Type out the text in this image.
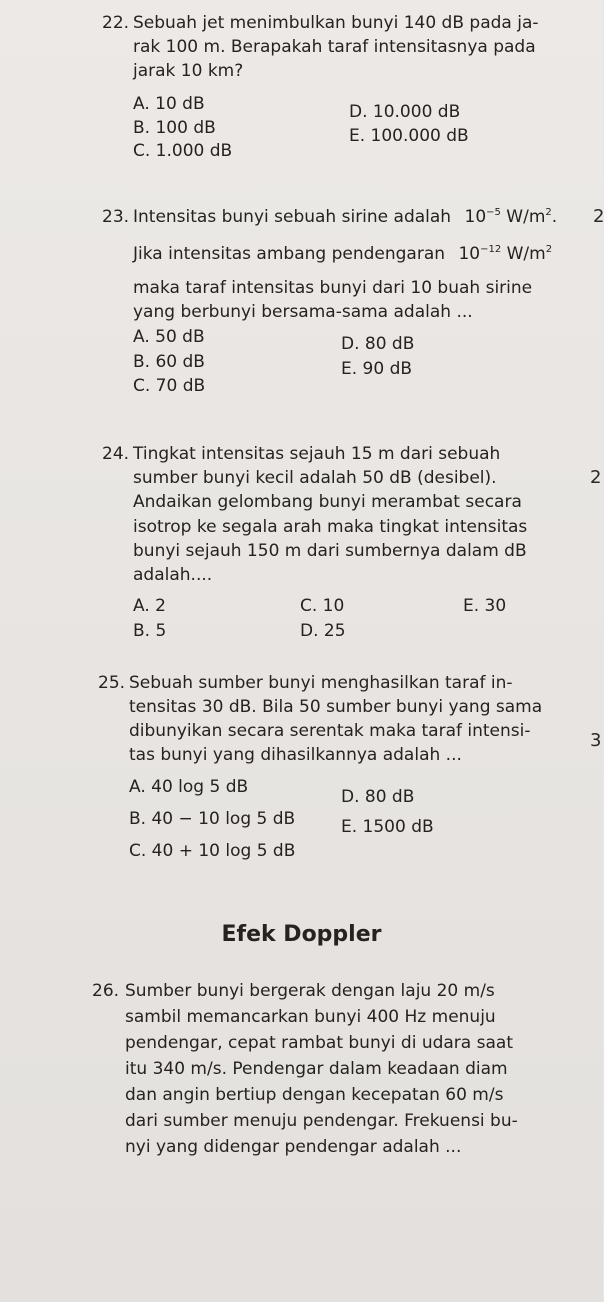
22. Sebuah jet menimbulkan bunyi 140 dB pada ja-
rak 100 m. Berapakah taraf intensitasnya pada
jarak 10 km?
A. 10 dB
B. 100 dB
C. 1.000 dB
D. 10.000 dB
E. 100.000 dB
23. Intensitas bunyi sebuah sirine adalah $10^{-5}$ $W/m^2$.
Jika intensitas ambang pendengaran $10^{-12}$ $W/m^2$
maka taraf intensitas bunyi dari 10 buah sirine
yang berbunyi bersama-sama adalah ...
A. 50 dB
B. 60 dB
C. 70 dB
D. 80 dB
E. 90 dB
24. Tingkat intensitas sejauh 15 m dari sebuah
sumber bunyi kecil adalah 50 dB (desibel).
Andaikan gelombang bunyi merambat secara
isotrop ke segala arah maka tingkat intensitas
bunyi sejauh 150 m dari sumbernya dalam dB
adalah....
A. 2
B. 5
C. 10
D. 25
E. 30
25. Sebuah sumber bunyi menghasilkan taraf in-
tensitas 30 dB. Bila 50 sumber bunyi yang sama
dibunyikan secara serentak maka taraf intensi-
tas bunyi yang dihasilkannya adalah ...
A. 40 log 5 dB
B. 40 − 10 log 5 dB
C. 40 + 10 log 5 dB
D. 80 dB
E. 1500 dB
Efek Doppler
26. Sumber bunyi bergerak dengan laju 20 m/s
sambil memancarkan bunyi 400 Hz menuju
pendengar, cepat rambat bunyi di udara saat
itu 340 m/s. Pendengar dalam keadaan diam
dan angin bertiup dengan kecepatan 60 m/s
dari sumber menuju pendengar. Frekuensi bu-
nyi yang didengar pendengar adalah ...
2
2
3
